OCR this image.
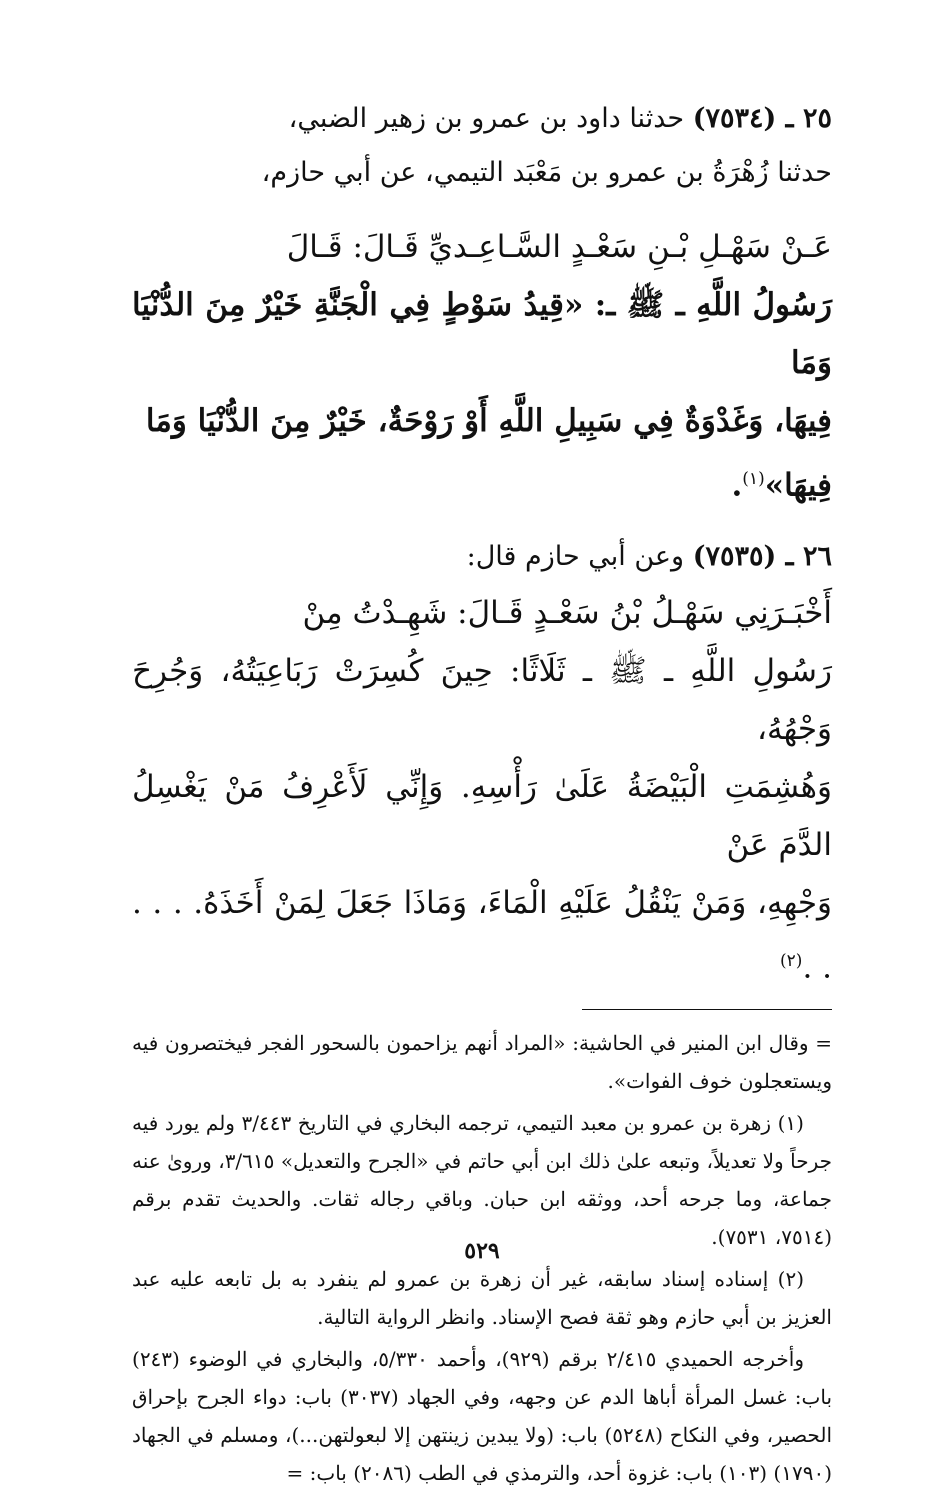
٢٥ ـ (٧٥٣٤) حدثنا داود بن عمرو بن زهير الضبي،
حدثنا زُهْرَةُ بن عمرو بن مَعْبَد التيمي، عن أبي حازم،

عَـنْ سَهْـلِ بْـنِ سَعْـدٍ السَّـاعِـديِّ قَـالَ: قَـالَ

رَسُولُ اللَّهِ ـ ﷺ ـ: «قِيدُ سَوْطٍ فِي الْجَنَّةِ خَيْرٌ مِنَ الدُّنْيَا وَمَا
فِيهَا، وَغَدْوَةٌ فِي سَبِيلِ اللَّهِ أَوْ رَوْحَةٌ، خَيْرٌ مِنَ الدُّنْيَا وَمَا
فِيهَا»$^{(١)}$.

٢٦ ـ (٧٥٣٥) وعن أبي حازم قال:

أَخْبَـرَنِي سَهْـلُ بْنُ سَعْـدٍ قَـالَ: شَهِـدْتُ مِنْ
رَسُولِ اللَّهِ ـ ﷺ ـ ثَلَاثًا: حِينَ كُسِرَتْ رَبَاعِيَتُهُ، وَجُرِحَ وَجْهُهُ،
وَهُشِمَتِ الْبَيْضَةُ عَلَىٰ رَأْسِهِ. وَإِنِّي لَأَعْرِفُ مَنْ يَغْسِلُ الدَّمَ عَنْ
وَجْهِهِ، وَمَنْ يَنْقُلُ عَلَيْهِ الْمَاءَ، وَمَاذَا جَعَلَ لِمَنْ أَخَذَهُ. . . . . .$^{(٢)}$

= وقال ابن المنير في الحاشية: «المراد أنهم يزاحمون بالسحور الفجر فيختصرون فيه ويستعجلون خوف الفوات».

(١) زهرة بن عمرو بن معبد التيمي، ترجمه البخاري في التاريخ ٣/٤٤٣ ولم يورد فيه جرحاً ولا تعديلاً، وتبعه علىٰ ذلك ابن أبي حاتم في «الجرح والتعديل» ٣/٦١٥، وروىٰ عنه جماعة، وما جرحه أحد، ووثقه ابن حبان. وباقي رجاله ثقات. والحديث تقدم برقم (٧٥١٤، ٧٥٣١).

(٢) إسناده إسناد سابقه، غير أن زهرة بن عمرو لم ينفرد به بل تابعه عليه عبد العزيز بن أبي حازم وهو ثقة فصح الإسناد. وانظر الرواية التالية.

وأخرجه الحميدي ٢/٤١٥ برقم (٩٢٩)، وأحمد ٥/٣٣٠، والبخاري في الوضوء (٢٤٣) باب: غسل المرأة أباها الدم عن وجهه، وفي الجهاد (٣٠٣٧) باب: دواء الجرح بإحراق الحصير، وفي النكاح (٥٢٤٨) باب: (ولا يبدين زينتهن إلا لبعولتهن...)، ومسلم في الجهاد (١٧٩٠) (١٠٣) باب: غزوة أحد، والترمذي في الطب (٢٠٨٦) باب: =

٥٢٩
